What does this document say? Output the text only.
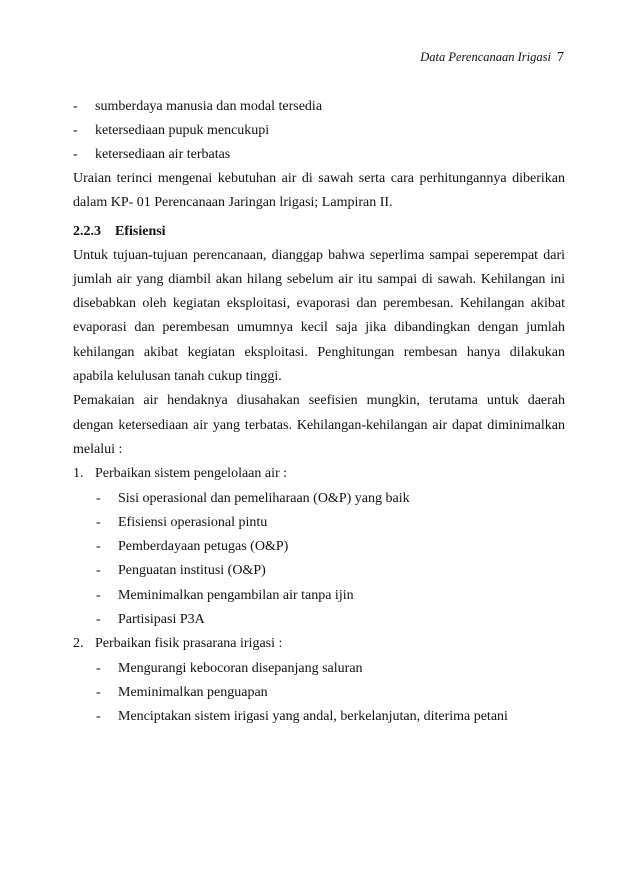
Data Perencanaan Irigasi 7
-	sumberdaya manusia dan modal tersedia
-	ketersediaan pupuk mencukupi
-	ketersediaan air terbatas

Uraian terinci mengenai kebutuhan air di sawah serta cara perhitungannya diberikan dalam KP- 01 Perencanaan Jaringan lrigasi; Lampiran II.

2.2.3 Efisiensi

Untuk tujuan-tujuan perencanaan, dianggap bahwa seperlima sampai seperempat dari jumlah air yang diambil akan hilang sebelum air itu sampai di sawah. Kehilangan ini disebabkan oleh kegiatan eksploitasi, evaporasi dan perembesan. Kehilangan akibat evaporasi dan perembesan umumnya kecil saja jika dibandingkan dengan jumlah kehilangan akibat kegiatan eksploitasi. Penghitungan rembesan hanya dilakukan apabila kelulusan tanah cukup tinggi.

Pemakaian air hendaknya diusahakan seefisien mungkin, terutama untuk daerah dengan ketersediaan air yang terbatas. Kehilangan-kehilangan air dapat diminimalkan melalui :

1. Perbaikan sistem pengelolaan air :
-	Sisi operasional dan pemeliharaan (O&P) yang baik
-	Efisiensi operasional pintu
-	Pemberdayaan petugas (O&P)
-	Penguatan institusi (O&P)
-	Meminimalkan pengambilan air tanpa ijin
-	Partisipasi P3A
2. Perbaikan fisik prasarana irigasi :
-	Mengurangi kebocoran disepanjang saluran
-	Meminimalkan penguapan
-	Menciptakan sistem irigasi yang andal, berkelanjutan, diterima petani
